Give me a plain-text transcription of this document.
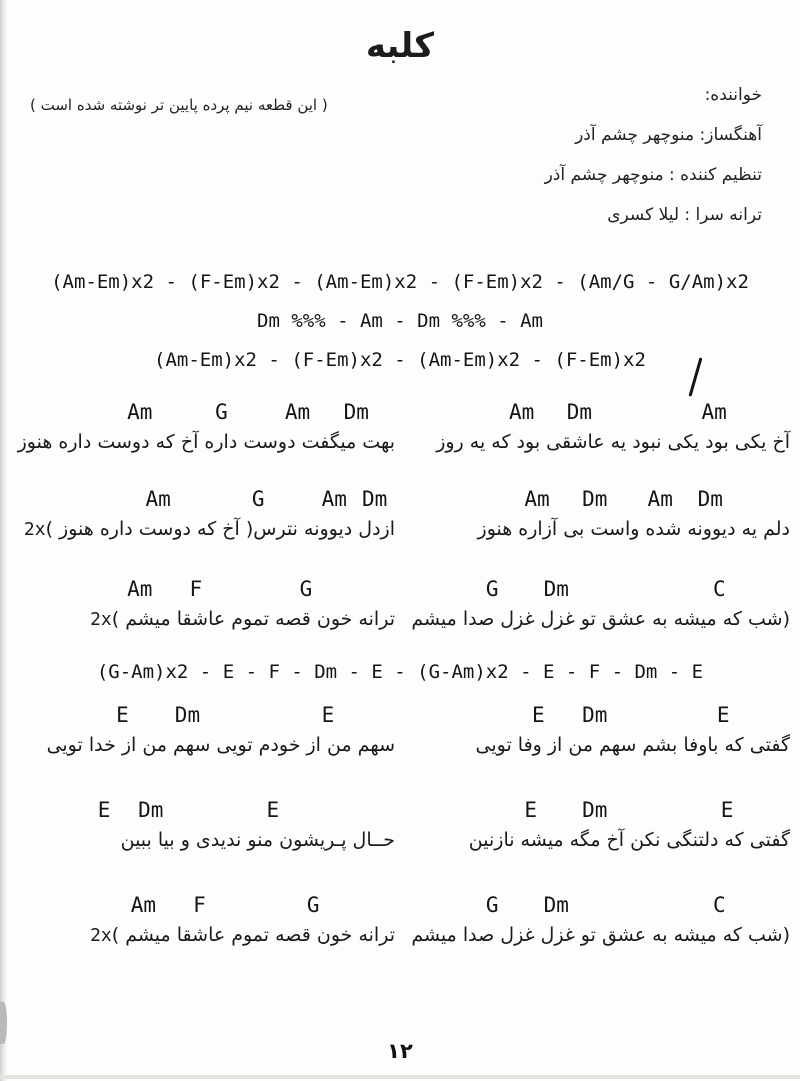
کلبه
( این قطعه نیم پرده پایین تر نوشته شده است )	خواننده:
آهنگساز: منوچهر چشم آذر
تنظیم کننده : منوچهر چشم آذر
ترانه سرا : لیلا کسری
(Am-Em)x2 - (F-Em)x2 - (Am-Em)x2 - (F-Em)x2 - (Am/G - G/Am)x2
Dm %%% - Am - Dm %%% - Am
(Am-Em)x2 - (F-Em)x2 - (Am-Em)x2 - (F-Em)x2
Am Dm	Am
آخ یکی بود یکی نبود یه عاشقی بود که یه روز
Am	G	Am Dm
بهت میگفت دوست داره آخ که دوست داره هنوز
Am Dm Am Dm
دلم یه دیوونه شده واست بی آزاره هنوز
Am	G	Am Dm
ازدل دیوونه نترس( آخ که دوست داره هنوز )2x
G Dm	C
(شب که میشه به عشق تو غزل غزل صدا میشم
Am F	G
ترانه خون قصه تموم عاشقا میشم )2x
E Dm	E
گفتی که باوفا بشم سهم من از وفا تویی
E Dm	E
سهم من از خودم تویی سهم من از خدا تویی
E Dm	E
گفتی که دلتنگی نکن آخ مگه میشه نازنین
E Dm	E
حــال پـریشون منو ندیدی و بیا ببین
G Dm	C
(شب که میشه به عشق تو غزل غزل صدا میشم
Am F	G
ترانه خون قصه تموم عاشقا میشم )2x
(G-Am)x2 - E - F - Dm - E - (G-Am)x2 - E - F - Dm - E
۱۲
